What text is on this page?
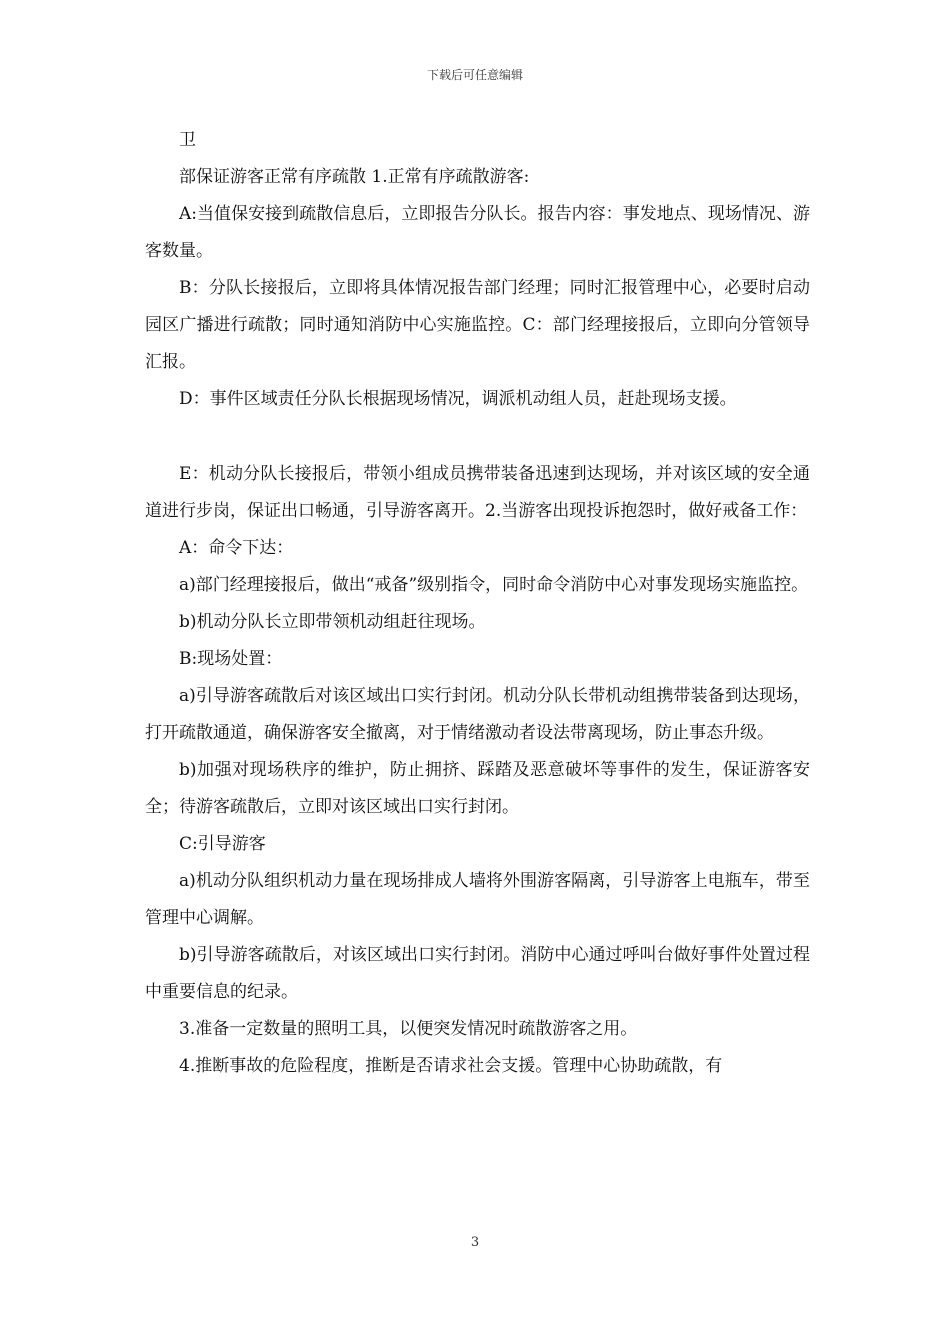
下载后可任意编辑

卫

部保证游客正常有序疏散 1.正常有序疏散游客:

A:当值保安接到疏散信息后，立即报告分队长。报告内容：事发地点、现场情况、游客数量。

B：分队长接报后，立即将具体情况报告部门经理；同时汇报管理中心，必要时启动园区广播进行疏散；同时通知消防中心实施监控。C：部门经理接报后，立即向分管领导汇报。

D：事件区域责任分队长根据现场情况，调派机动组人员，赶赴现场支援。

E：机动分队长接报后，带领小组成员携带装备迅速到达现场，并对该区域的安全通道进行步岗，保证出口畅通，引导游客离开。2.当游客出现投诉抱怨时，做好戒备工作：

A：命令下达：

a)部门经理接报后，做出“戒备”级别指令，同时命令消防中心对事发现场实施监控。

b)机动分队长立即带领机动组赶往现场。

B:现场处置：

a)引导游客疏散后对该区域出口实行封闭。机动分队长带机动组携带装备到达现场，打开疏散通道，确保游客安全撤离，对于情绪激动者设法带离现场，防止事态升级。

b)加强对现场秩序的维护，防止拥挤、踩踏及恶意破坏等事件的发生，保证游客安全；待游客疏散后，立即对该区域出口实行封闭。

C:引导游客

a)机动分队组织机动力量在现场排成人墙将外围游客隔离，引导游客上电瓶车，带至管理中心调解。

b)引导游客疏散后，对该区域出口实行封闭。消防中心通过呼叫台做好事件处置过程中重要信息的纪录。

3.准备一定数量的照明工具，以便突发情况时疏散游客之用。

4.推断事故的危险程度，推断是否请求社会支援。管理中心协助疏散，有

3
